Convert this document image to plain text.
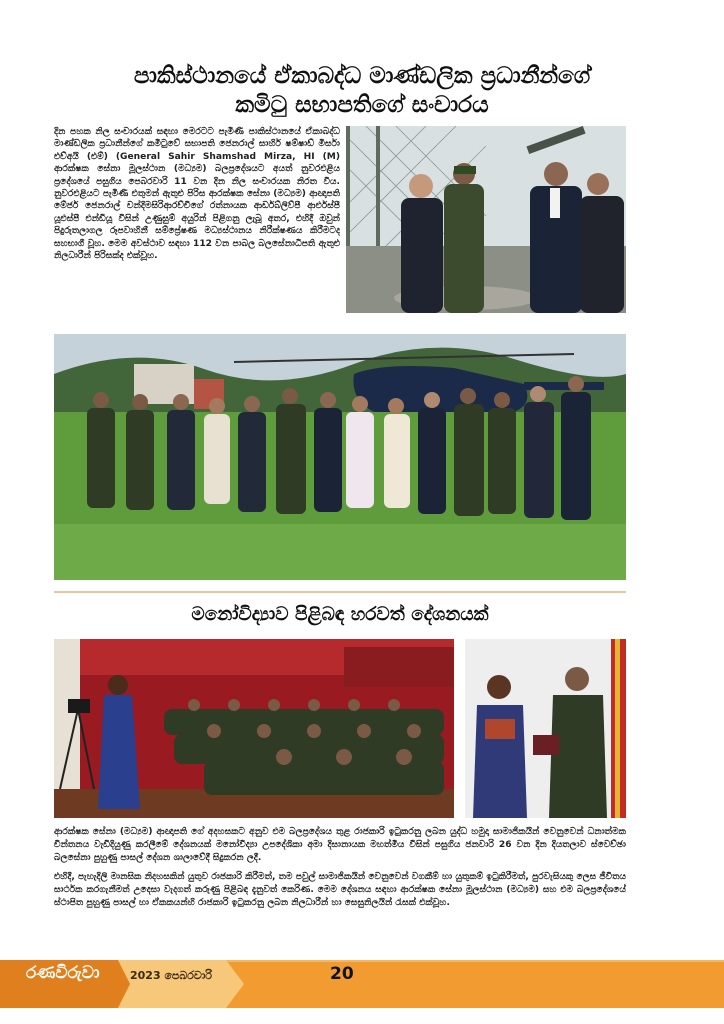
පාකිස්ථානයේ ඒකාබද්ධ මාණ්ඩලික ප්‍රධානීන්ගේ
කමිටු සභාපතිගේ සංචාරය
දින පහක නිල සංචාරයක් සඳහා මෙරටට පැමිණි පාකිස්ථානයේ ඒකාබද්ධ මාණ්ඩලික ප්‍රධානීන්ගේ කමිටුවේ සභාපති ජෙනරාල් සාහිර් ෂම්ෂාඩ් මිර්සා එච්අයි (එම්) (General Sahir Shamshad Mirza, HI (M) ආරක්ෂක සේනා මූලස්ථාන (මධ්‍යම) බලප්‍රදේශයට අයත් නුවරඑළිය ප්‍රදේශයේ පසුගිය පෙබරවාරි 11 වන දින නිල සංචාරයක නිරත විය. නුවරඑළියට පැමිණි එතුමන් ඇතුළු පිරිස ආරක්ෂක සේනා (මධ්‍යම) ආඥාපති මේජර් ජෙනරාල් චන්දිමසිරිආරච්චිගේ රත්නායක ආර්ඩබ්ලිව්පී ආර්එස්පී යූඑස්පී එන්ඩියූ විසින් උණුසුම් අයුරින් පිළිගනු ලැබූ අතර, එහිදී ඔවුන් පිදුරුතලාගල රූපවාහිනී සම්ප්‍රේෂණ මධ්‍යස්ථානය නිරීක්ෂණය කිරීමටද සහභාගී වූහ. මෙම අවස්ථාව සඳහා 112 වන පාබල බලසේනාධිපති ඇතුළු නිලධාරීන් පිරිසක්ද එක්වූහ.
මනෝවිද්‍යාව පිළිබඳ හරවත් දේශනයක්

ආරක්ෂක සේනා (මධ්‍යම) ආඥාපති ගේ අදහසකට අනුව එම බලප්‍රදේශය තුළ රාජකාරි ඉටුකරනු ලබන යුද්ධ හමුදා සාමාජිකයින් වෙනුවෙන් ධනාත්මක චින්තනය වැඩිදියුණු කරලීමේ දේශනයක් මනෝවිද්‍යා උපදේශිකා අමා දිසානායක මහත්මිය විසින් පසුගිය ජනවාරි 26 වන දින දියතලාව ස්වෙච්ඡා බලසේනා පුහුණු පාසල් දේශන ශාලාවේදී සිදුකරන ලදී.

එහිදී, පැහැදිලි මානසික නිදහසකින් යුතුව රාජකාරි කිරීමත්, තම පවුල් සාමාජිකයින් වෙනුවෙන් වගකීම් හා යුතුකම් ඉටුකිරීමත්, පුරවැසියකු ලෙස ජීවිතය සාර්ථක කරගැනීමත් උදෙසා වැදගත් කරුණු පිළිබඳ දැනුවත් කෙරිණ. මෙම දේශනය සඳහා ආරක්ෂක සේනා මූලස්ථාන (මධ්‍යම) සහ එම බලප්‍රදේශයේ ස්ථාපිත පුහුණු පාසල් හා ඒකකයන්හි රාජකාරි ඉටුකරනු ලබන නිලධාරීන් හා සෙසුනිලයින් රැසක් එක්වූහ.

රණවිරුවා	2023 පෙබරවාරි	20
